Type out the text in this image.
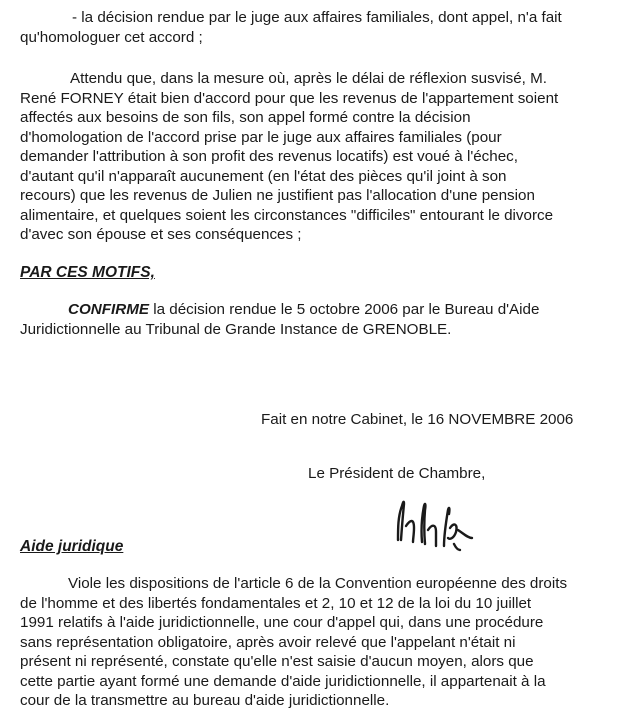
- la décision rendue par le juge aux affaires familiales, dont appel, n'a fait
qu'homologuer cet accord ;
Attendu que, dans la mesure où, après le délai de réflexion susvisé, M.
René FORNEY était bien d'accord pour que les revenus de l'appartement soient
affectés aux besoins de son fils, son appel formé contre la décision
d'homologation de l'accord prise par le juge aux affaires familiales (pour
demander l'attribution à son profit des revenus locatifs) est voué à l'échec,
d'autant qu'il n'apparaît aucunement (en l'état des pièces qu'il joint à son
recours) que les revenus de Julien ne justifient pas l'allocation d'une pension
alimentaire, et quelques soient les circonstances "difficiles" entourant le divorce
d'avec son épouse et ses conséquences ;
PAR CES MOTIFS,
CONFIRME la décision rendue le 5 octobre 2006 par le Bureau d'Aide
Juridictionnelle au Tribunal de Grande Instance de GRENOBLE.
Fait en notre Cabinet, le 16 NOVEMBRE 2006
Le Président de Chambre,
Aide juridique
Viole les dispositions de l'article 6 de la Convention européenne des droits
de l'homme et des libertés fondamentales et 2, 10 et 12 de la loi du 10 juillet
1991 relatifs à l'aide juridictionnelle, une cour d'appel qui, dans une procédure
sans représentation obligatoire, après avoir relevé que l'appelant n'était ni
présent ni représenté, constate qu'elle n'est saisie d'aucun moyen, alors que
cette partie ayant formé une demande d'aide juridictionnelle, il appartenait à la
cour de la transmettre au bureau d'aide juridictionnelle.
